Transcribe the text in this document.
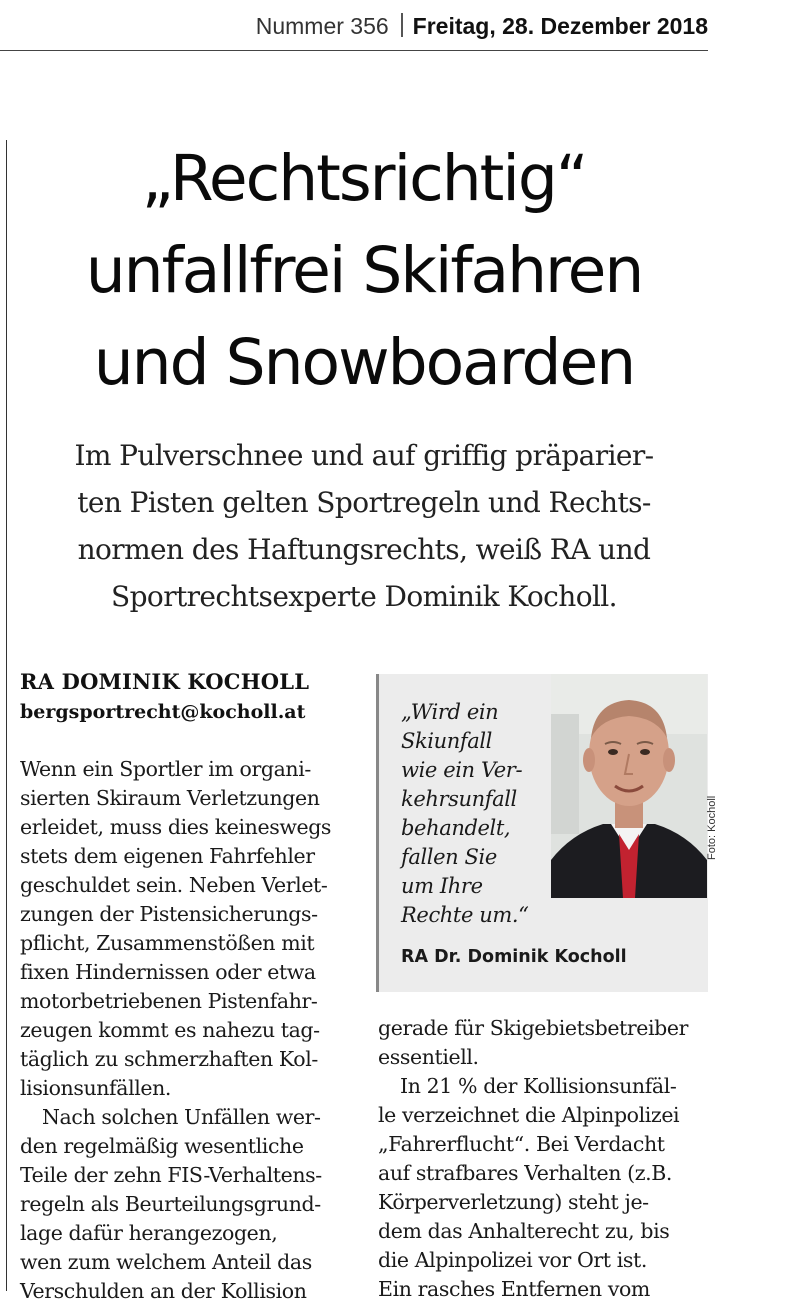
Nummer 356 Freitag, 28. Dezember 2018
„Rechtsrichtig“
unfallfrei Skifahren
und Snowboarden

Im Pulverschnee und auf griffig präparier-
ten Pisten gelten Sportregeln und Rechts-
normen des Haftungsrechts, weiß RA und
Sportrechtsexperte Dominik Kocholl.

RA DOMINIK KOCHOLL
bergsportrecht@kocholl.at
Wenn ein Sportler im organi-
sierten Skiraum Verletzungen
erleidet, muss dies keineswegs
stets dem eigenen Fahrfehler
geschuldet sein. Neben Verlet-
zungen der Pistensicherungs-
pflicht, Zusammenstößen mit
fixen Hindernissen oder etwa
motorbetriebenen Pistenfahr-
zeugen kommt es nahezu tag-
täglich zu schmerzhaften Kol-
lisionsunfällen.
Nach solchen Unfällen wer-
den regelmäßig wesentliche
Teile der zehn FIS-Verhaltens-
regeln als Beurteilungsgrund-
lage dafür herangezogen,
wen zum welchem Anteil das
Verschulden an der Kollision
„Wird ein
Skiunfall
wie ein Ver-
kehrsunfall
behandelt,
fallen Sie
um Ihre
Rechte um.“
RA Dr. Dominik Kocholl
Foto: Kocholl
gerade für Skigebietsbetreiber
essentiell.
In 21 % der Kollisionsunfäl-
le verzeichnet die Alpinpolizei
„Fahrerflucht“. Bei Verdacht
auf strafbares Verhalten (z.B.
Körperverletzung) steht je-
dem das Anhalterecht zu, bis
die Alpinpolizei vor Ort ist.
Ein rasches Entfernen vom
